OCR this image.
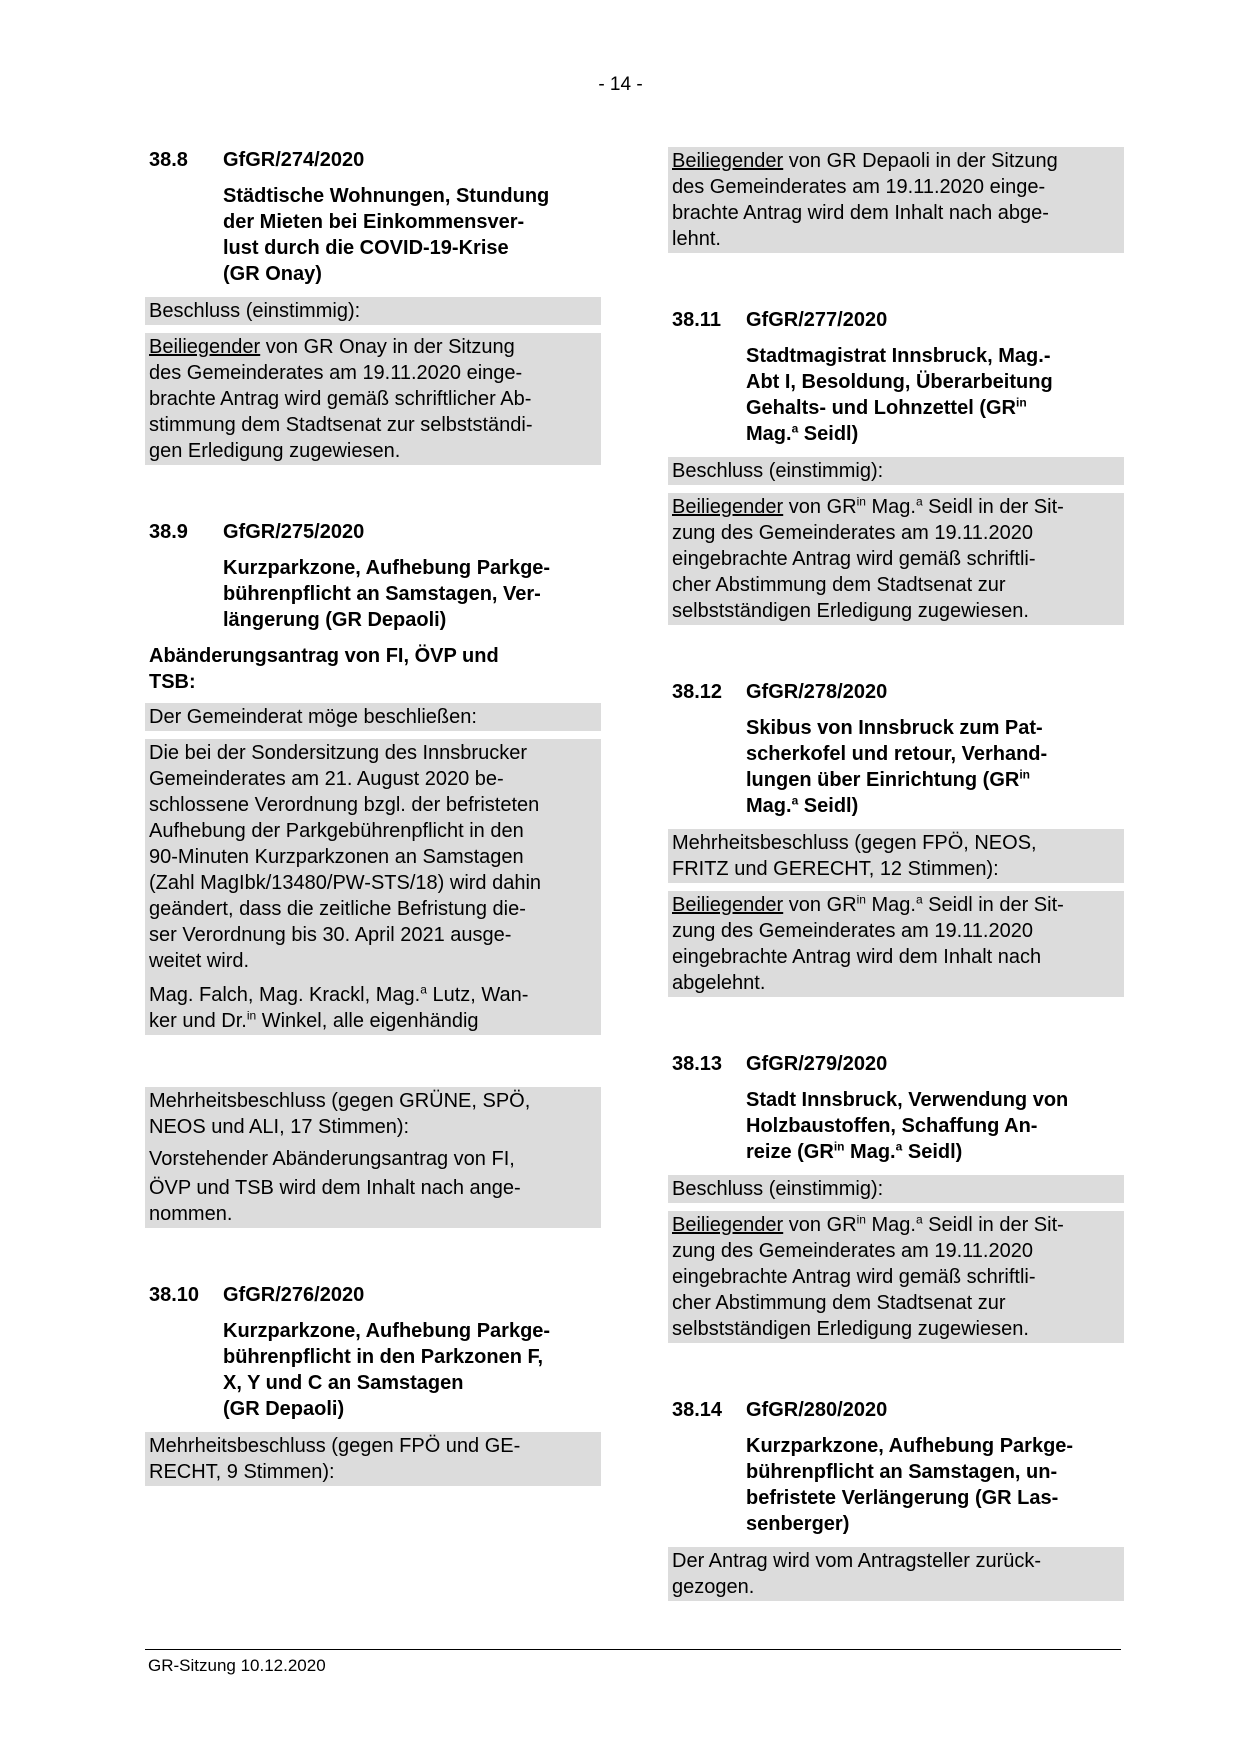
- 14 -
38.8	GfGR/274/2020
Städtische Wohnungen, Stundung
der Mieten bei Einkommensver-
lust durch die COVID-19-Krise
(GR Onay)
Beschluss (einstimmig):
Beiliegender von GR Onay in der Sitzung
des Gemeinderates am 19.11.2020 einge-
brachte Antrag wird gemäß schriftlicher Ab-
stimmung dem Stadtsenat zur selbstständi-
gen Erledigung zugewiesen.
38.9	GfGR/275/2020
Kurzparkzone, Aufhebung Parkge-
bührenpflicht an Samstagen, Ver-
längerung (GR Depaoli)
Abänderungsantrag von FI, ÖVP und
TSB:
Der Gemeinderat möge beschließen:
Die bei der Sondersitzung des Innsbrucker
Gemeinderates am 21. August 2020 be-
schlossene Verordnung bzgl. der befristeten
Aufhebung der Parkgebührenpflicht in den
90-Minuten Kurzparkzonen an Samstagen
(Zahl MagIbk/13480/PW-STS/18) wird dahin
geändert, dass die zeitliche Befristung die-
ser Verordnung bis 30. April 2021 ausge-
weitet wird.
Mag. Falch, Mag. Krackl, Mag.$^a$ Lutz, Wan-
ker und Dr.$^{in}$ Winkel, alle eigenhändig
Mehrheitsbeschluss (gegen GRÜNE, SPÖ,
NEOS und ALI, 17 Stimmen):
Vorstehender Abänderungsantrag von FI,
ÖVP und TSB wird dem Inhalt nach ange-
nommen.
38.10	GfGR/276/2020
Kurzparkzone, Aufhebung Parkge-
bührenpflicht in den Parkzonen F,
X, Y und C an Samstagen
(GR Depaoli)
Mehrheitsbeschluss (gegen FPÖ und GE-
RECHT, 9 Stimmen):
Beiliegender von GR Depaoli in der Sitzung
des Gemeinderates am 19.11.2020 einge-
brachte Antrag wird dem Inhalt nach abge-
lehnt.
38.11	GfGR/277/2020
Stadtmagistrat Innsbruck, Mag.-
Abt I, Besoldung, Überarbeitung
Gehalts- und Lohnzettel ($GR^{in}$
Mag.$^a$ Seidl)
Beschluss (einstimmig):
Beiliegender von $GR^{in}$ Mag.$^a$ Seidl in der Sit-
zung des Gemeinderates am 19.11.2020
eingebrachte Antrag wird gemäß schriftli-
cher Abstimmung dem Stadtsenat zur
selbstständigen Erledigung zugewiesen.
38.12	GfGR/278/2020
Skibus von Innsbruck zum Pat-
scherkofel und retour, Verhand-
lungen über Einrichtung ($GR^{in}$
Mag.$^a$ Seidl)
Mehrheitsbeschluss (gegen FPÖ, NEOS,
FRITZ und GERECHT, 12 Stimmen):
Beiliegender von $GR^{in}$ Mag.$^a$ Seidl in der Sit-
zung des Gemeinderates am 19.11.2020
eingebrachte Antrag wird dem Inhalt nach
abgelehnt.
38.13	GfGR/279/2020
Stadt Innsbruck, Verwendung von
Holzbaustoffen, Schaffung An-
reize ($GR^{in}$ Mag.$^a$ Seidl)
Beschluss (einstimmig):
Beiliegender von $GR^{in}$ Mag.$^a$ Seidl in der Sit-
zung des Gemeinderates am 19.11.2020
eingebrachte Antrag wird gemäß schriftli-
cher Abstimmung dem Stadtsenat zur
selbstständigen Erledigung zugewiesen.
38.14	GfGR/280/2020
Kurzparkzone, Aufhebung Parkge-
bührenpflicht an Samstagen, un-
befristete Verlängerung (GR Las-
senberger)
Der Antrag wird vom Antragsteller zurück-
gezogen.
GR-Sitzung 10.12.2020
